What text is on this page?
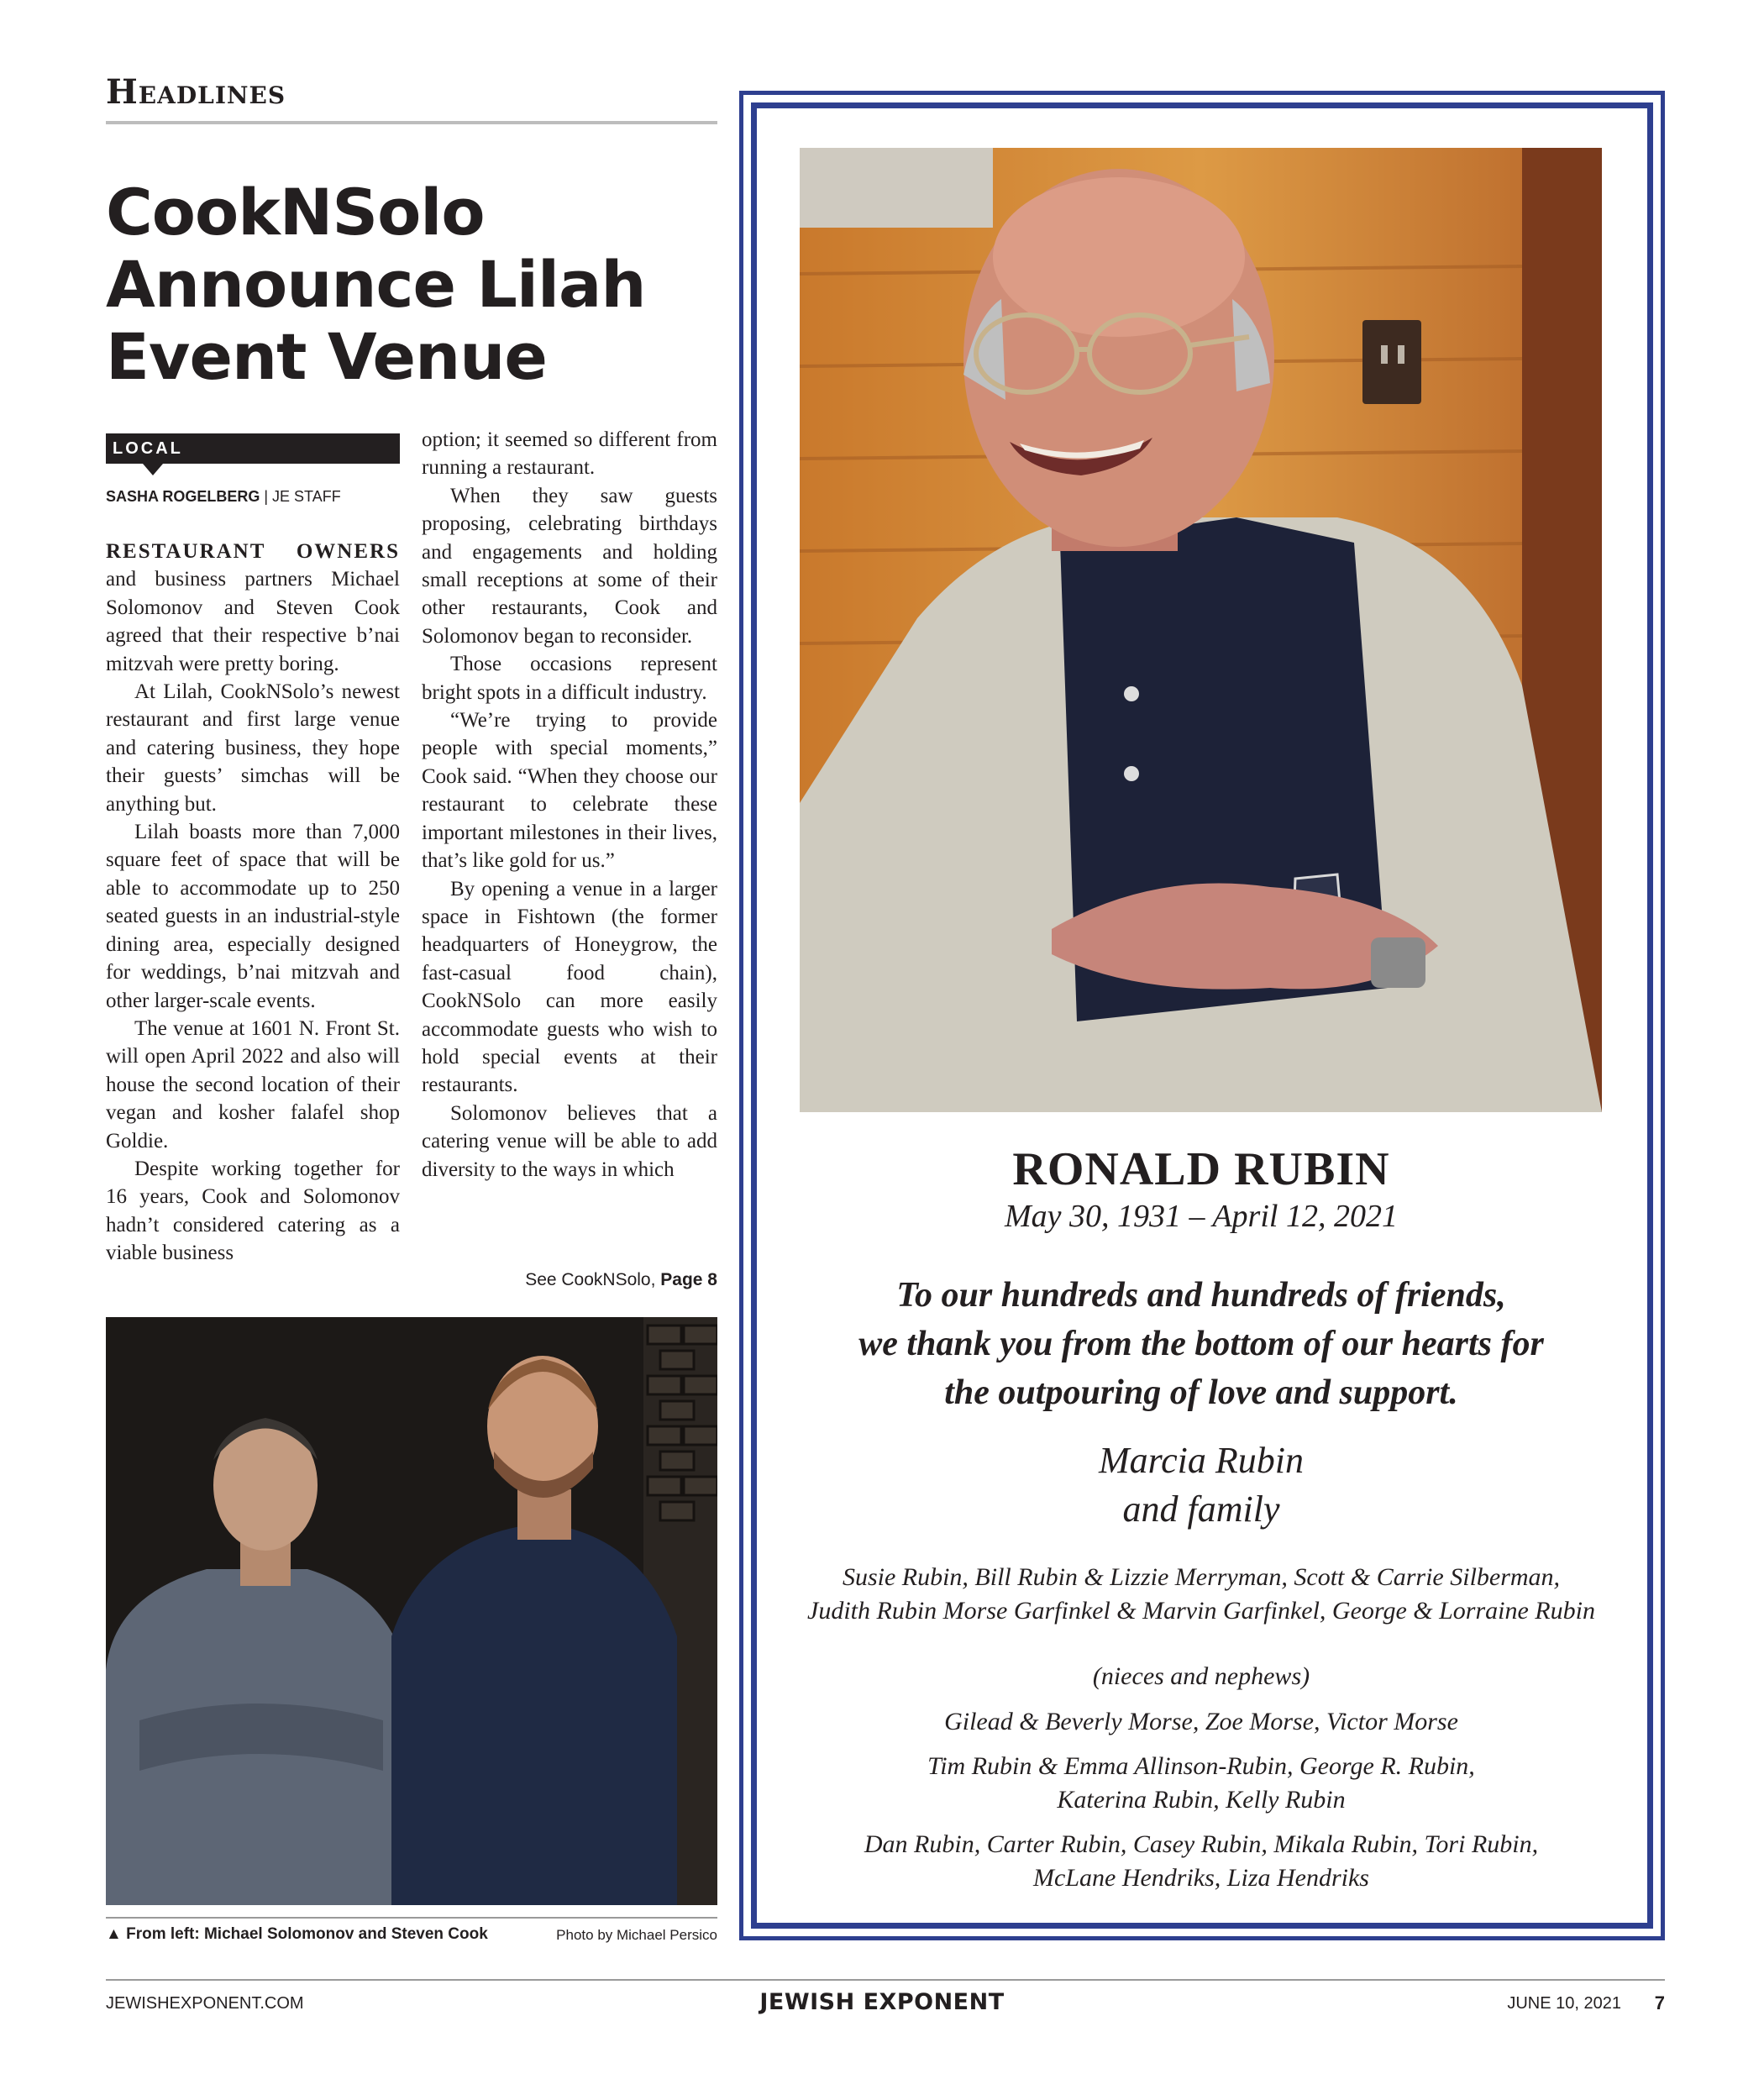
Headlines
CookNSolo Announce Lilah Event Venue
LOCAL
SASHA ROGELBERG | JE STAFF

RESTAURANT OWNERS and business partners Michael Solomonov and Steven Cook agreed that their respective b’nai mitzvah were pretty boring.

At Lilah, CookNSolo’s newest restaurant and first large venue and catering business, they hope their guests’ simchas will be anything but.

Lilah boasts more than 7,000 square feet of space that will be able to accommodate up to 250 seated guests in an industrial-style dining area, especially designed for weddings, b’nai mitzvah and other larger-scale events.

The venue at 1601 N. Front St. will open April 2022 and also will house the second location of their vegan and kosher falafel shop Goldie.

Despite working together for 16 years, Cook and Solomonov hadn’t considered catering as a viable business

option; it seemed so different from running a restaurant.

When they saw guests proposing, celebrating birthdays and engagements and holding small receptions at some of their other restaurants, Cook and Solomonov began to reconsider.

Those occasions represent bright spots in a difficult industry.

“We’re trying to provide people with special moments,” Cook said. “When they choose our restaurant to celebrate these important milestones in their lives, that’s like gold for us.”

By opening a venue in a larger space in Fishtown (the former headquarters of Honeygrow, the fast-casual food chain), CookNSolo can more easily accommodate guests who wish to hold special events at their restaurants.

Solomonov believes that a catering venue will be able to add diversity to the ways in which

See CookNSolo, Page 8
▲ From left: Michael Solomonov and Steven Cook	Photo by Michael Persico
RONALD RUBIN
May 30, 1931 – April 12, 2021
To our hundreds and hundreds of friends,
we thank you from the bottom of our hearts for
the outpouring of love and support.
Marcia Rubin
and family
Susie Rubin, Bill Rubin & Lizzie Merryman, Scott & Carrie Silberman,
Judith Rubin Morse Garfinkel & Marvin Garfinkel, George & Lorraine Rubin
(nieces and nephews)
Gilead & Beverly Morse, Zoe Morse, Victor Morse
Tim Rubin & Emma Allinson-Rubin, George R. Rubin,
Katerina Rubin, Kelly Rubin
Dan Rubin, Carter Rubin, Casey Rubin, Mikala Rubin, Tori Rubin,
McLane Hendriks, Liza Hendriks
JEWISHEXPONENT.COM	JEWISH EXPONENT	JUNE 10, 2021	7
